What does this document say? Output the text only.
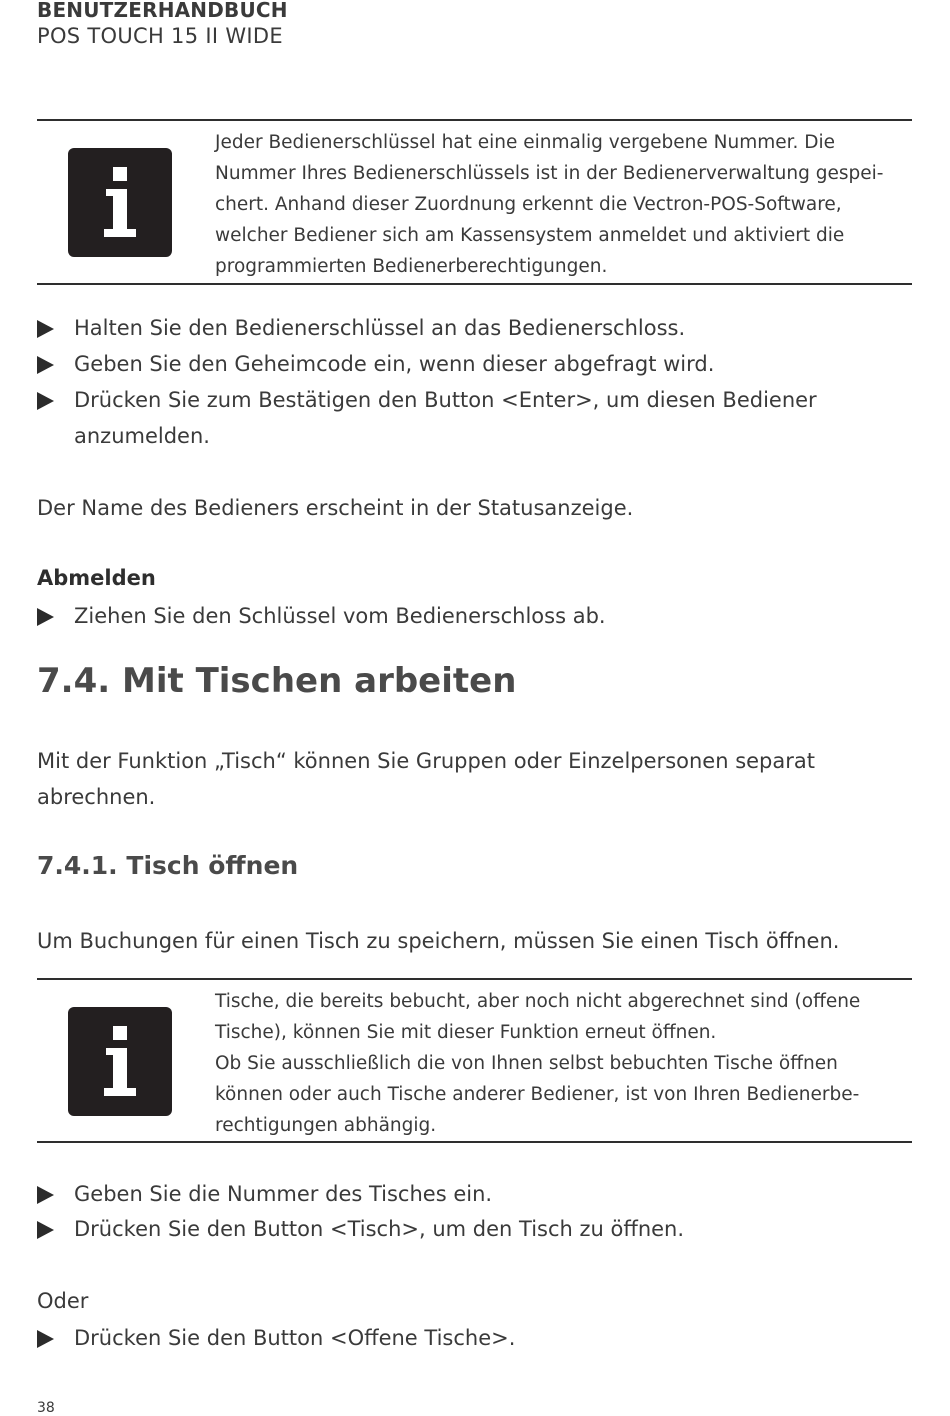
BENUTZERHANDBUCH
POS TOUCH 15 II WIDE

Jeder Bedienerschlüssel hat eine einmalig vergebene Nummer. Die

Nummer Ihres Bedienerschlüssels ist in der Bedienerverwaltung gespei-

chert. Anhand dieser Zuordnung erkennt die Vectron-POS-Software,

welcher Bediener sich am Kassensystem anmeldet und aktiviert die

programmierten Bedienerberechtigungen.

Halten Sie den Bedienerschlüssel an das Bedienerschloss.
Geben Sie den Geheimcode ein, wenn dieser abgefragt wird.
Drücken Sie zum Bestätigen den Button <Enter>, um diesen Bediener
anzumelden.
Der Name des Bedieners erscheint in der Statusanzeige.
Abmelden
Ziehen Sie den Schlüssel vom Bedienerschloss ab.
7.4. Mit Tischen arbeiten
Mit der Funktion „Tisch“ können Sie Gruppen oder Einzelpersonen separat
abrechnen.
7.4.1. Tisch öffnen
Um Buchungen für einen Tisch zu speichern, müssen Sie einen Tisch öffnen.

Tische, die bereits bebucht, aber noch nicht abgerechnet sind (offene

Tische), können Sie mit dieser Funktion erneut öffnen.

Ob Sie ausschließlich die von Ihnen selbst bebuchten Tische öffnen

können oder auch Tische anderer Bediener, ist von Ihren Bedienerbe-

rechtigungen abhängig.

Geben Sie die Nummer des Tisches ein.
Drücken Sie den Button <Tisch>, um den Tisch zu öffnen.
Oder
Drücken Sie den Button <Offene Tische>.
38
